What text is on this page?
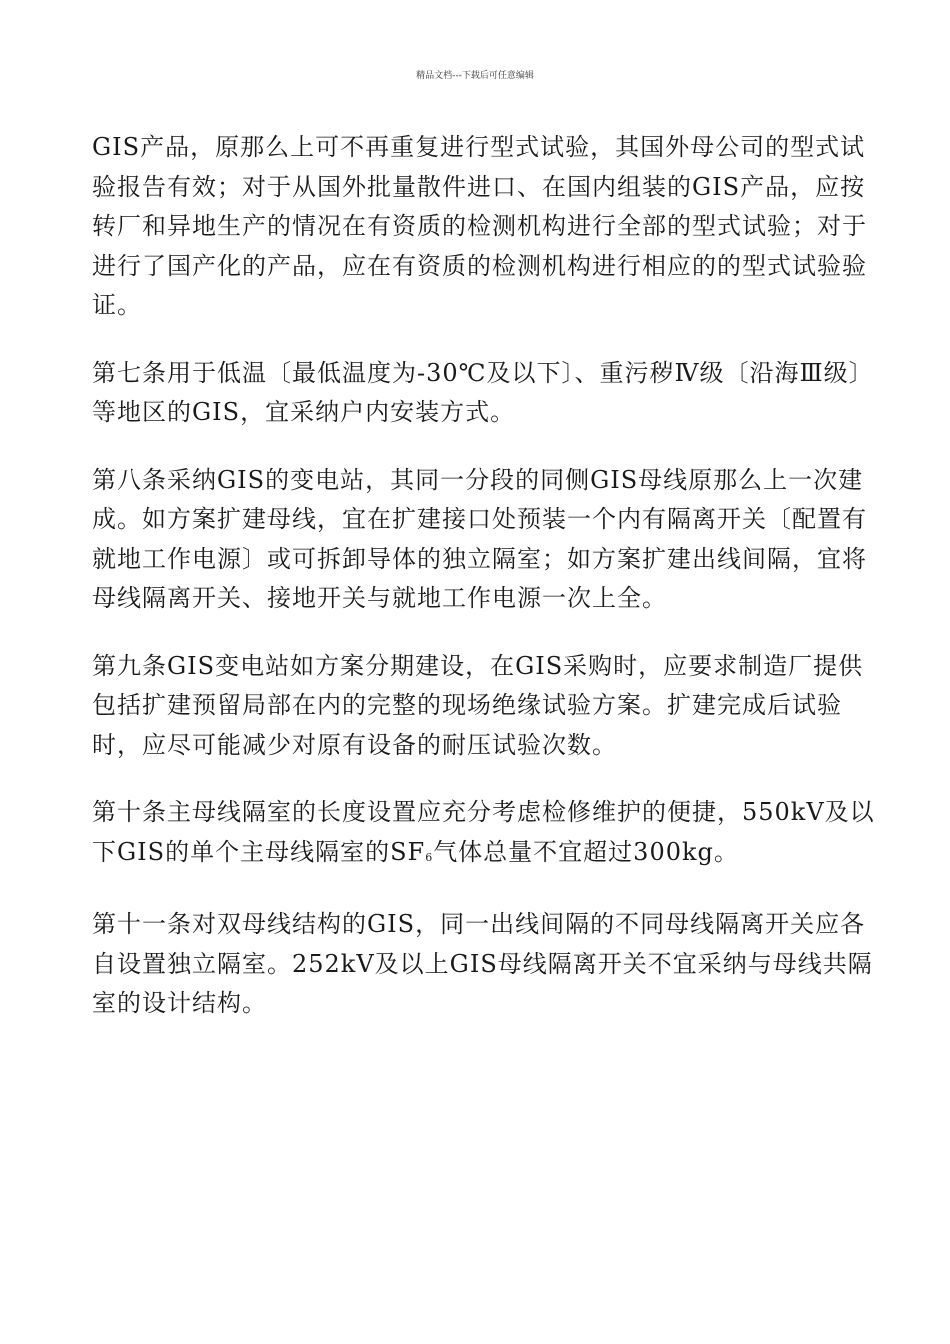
精品文档---下载后可任意编辑

GIS产品，原那么上可不再重复进行型式试验，其国外母公司的型式试验报告有效；对于从国外批量散件进口、在国内组装的GIS产品，应按转厂和异地生产的情况在有资质的检测机构进行全部的型式试验；对于进行了国产化的产品，应在有资质的检测机构进行相应的的型式试验验证。

第七条用于低温〔最低温度为-30℃及以下〕、重污秽Ⅳ级〔沿海Ⅲ级〕等地区的GIS，宜采纳户内安装方式。

第八条采纳GIS的变电站，其同一分段的同侧GIS母线原那么上一次建成。如方案扩建母线，宜在扩建接口处预装一个内有隔离开关〔配置有就地工作电源〕或可拆卸导体的独立隔室；如方案扩建出线间隔，宜将母线隔离开关、接地开关与就地工作电源一次上全。

第九条GIS变电站如方案分期建设，在GIS采购时，应要求制造厂提供包括扩建预留局部在内的完整的现场绝缘试验方案。扩建完成后试验时，应尽可能减少对原有设备的耐压试验次数。

第十条主母线隔室的长度设置应充分考虑检修维护的便捷，550kV及以下GIS的单个主母线隔室的$SF_6$气体总量不宜超过300kg。

第十一条对双母线结构的GIS，同一出线间隔的不同母线隔离开关应各自设置独立隔室。252kV及以上GIS母线隔离开关不宜采纳与母线共隔室的设计结构。
